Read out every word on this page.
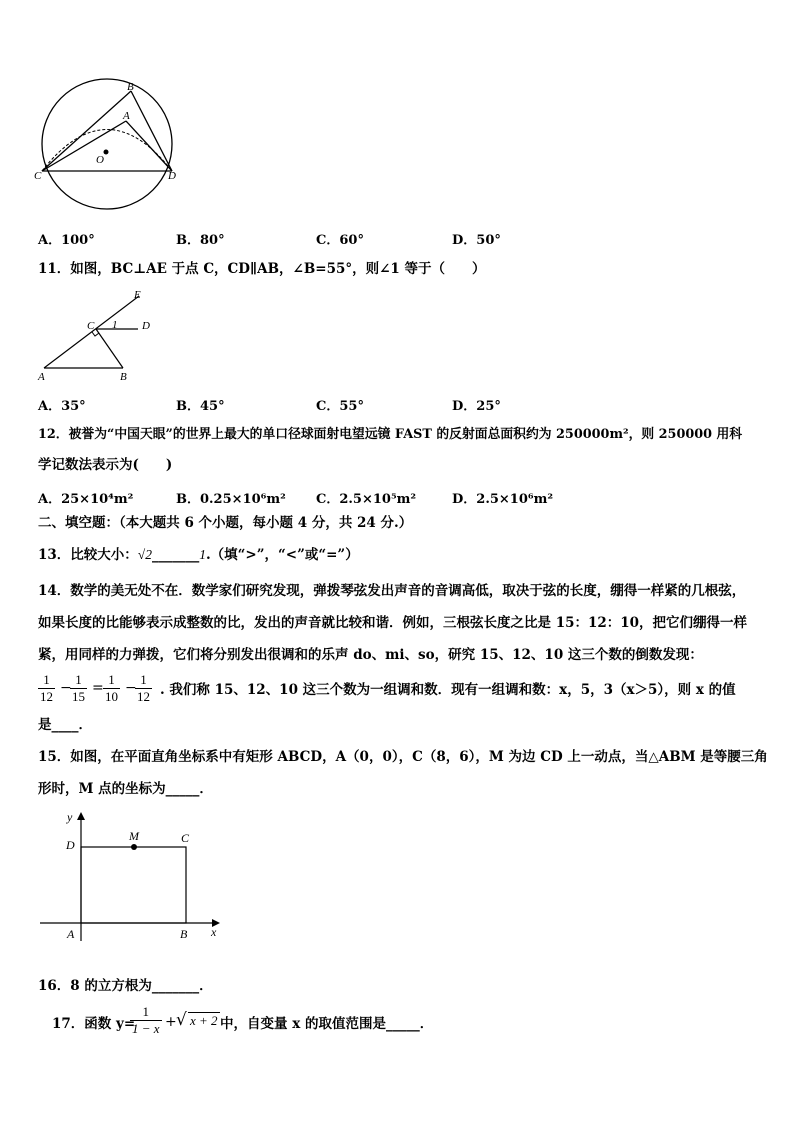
B
A
O
C	D
A．100°	B．80°	C．60°	D．50°
11．如图，BC⊥AE 于点 C，CD∥AB，∠B=55°，则∠1 等于（　　）
E
C 1 D
A	B
A．35°	B．45°	C．55°	D．25°
12．被誉为“中国天眼”的世界上最大的单口径球面射电望远镜 FAST 的反射面总面积约为 250000m²，则 250000 用科
学记数法表示为(　　)
A．25×10⁴m²	B．0.25×10⁶m² C．2.5×10⁵m²	D．2.5×10⁶m²
二、填空题：（本大题共 6 个小题，每小题 4 分，共 24 分.）
13．比较大小：√2_______1.（填“>”，“<”或“=”）
14．数学的美无处不在．数学家们研究发现，弹拨琴弦发出声音的音调高低，取决于弦的长度，绷得一样紧的几根弦，
如果长度的比能够表示成整数的比，发出的声音就比较和谐．例如，三根弦长度之比是 15：12：10，把它们绷得一样
紧，用同样的力弹拨，它们将分别发出很调和的乐声 do、mi、so，研究 15、12、10 这三个数的倒数发现：
$\frac{1}{12}$ −
$\frac{1}{15} = \frac{1}{10}$ −
$\frac{1}{12}$ . 我们称 15、12、10 这三个数为一组调和数．现有一组调和数：x，5，3（x＞5），则 x 的值
是____．
15．如图，在平面直角坐标系中有矩形 ABCD，A（0，0），C（8，6），M 为边 CD 上一动点，当△ABM 是等腰三角
形时，M 点的坐标为_____．
y
M	C
D
A	B x
16．8 的立方根为_______．
17．函数 y=
$\frac{1}{1 - x}$ + √ x + 2 中，自变量 x 的取值范围是_____．
